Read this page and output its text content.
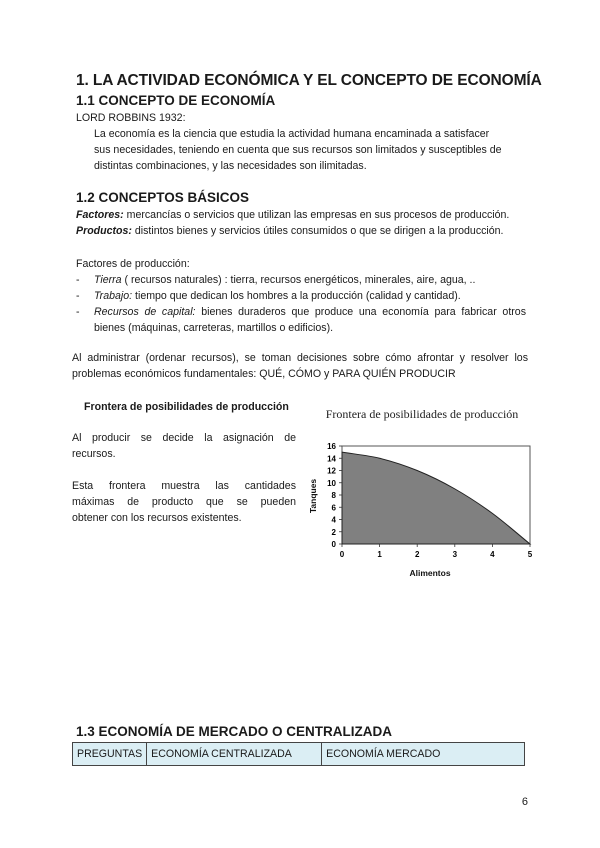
1. LA ACTIVIDAD ECONÓMICA Y EL CONCEPTO DE ECONOMÍA
1.1 CONCEPTO DE ECONOMÍA
LORD ROBBINS 1932:
La economía es la ciencia que estudia la actividad humana encaminada a satisfacer
sus necesidades, teniendo en cuenta que sus recursos son limitados y susceptibles de
distintas combinaciones, y las necesidades son ilimitadas.
1.2 CONCEPTOS BÁSICOS
Factores: mercancías o servicios que utilizan las empresas en sus procesos de producción.
Productos: distintos bienes y servicios útiles consumidos o que se dirigen a la producción.
Factores de producción:
- Tierra ( recursos naturales) : tierra, recursos energéticos, minerales, aire, agua, ..
- Trabajo: tiempo que dedican los hombres a la producción (calidad y cantidad).
- Recursos de capital: bienes duraderos que produce una economía para fabricar otros
bienes (máquinas, carreteras, martillos o edificios).
Al administrar (ordenar recursos), se toman decisiones sobre cómo afrontar y resolver los
problemas económicos fundamentales: QUÉ, CÓMO y PARA QUIÉN PRODUCIR
Frontera de posibilidades de producción
Al producir se decide la asignación de
recursos.
Esta frontera muestra las cantidades
máximas de producto que se pueden
obtener con los recursos existentes.
Frontera de posibilidades de producción
0
2
4
6
8
10
12
14
16
0	1	2	3	4	5
Alimentos
Tanques
1.3 ECONOMÍA DE MERCADO O CENTRALIZADA
PREGUNTAS	ECONOMÍA CENTRALIZADA	ECONOMÍA MERCADO
6
